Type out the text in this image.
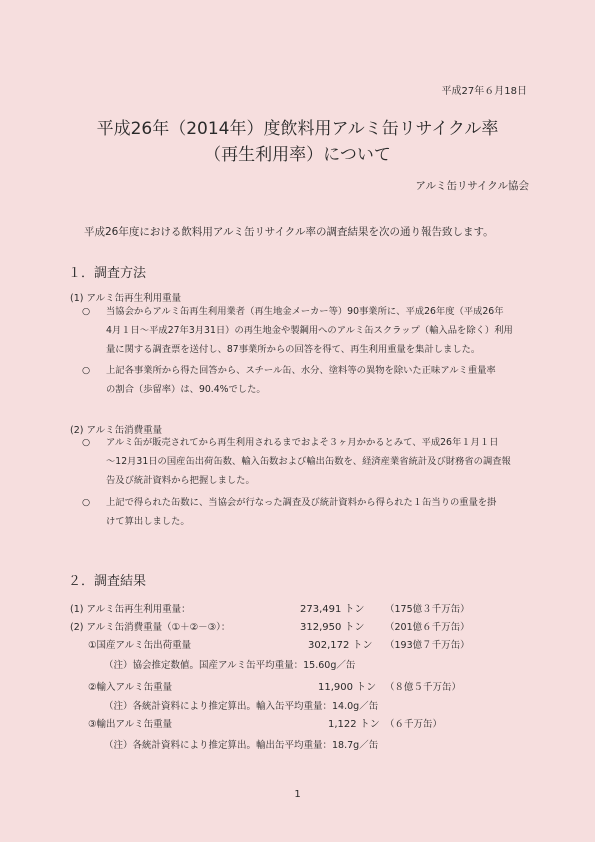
平成27年６月18日
平成26年（2014年）度飲料用アルミ缶リサイクル率
（再生利用率）について
アルミ缶リサイクル協会
平成26年度における飲料用アルミ缶リサイクル率の調査結果を次の通り報告致します。
１．調査方法
(1) アルミ缶再生利用重量
○ 当協会からアルミ缶再生利用業者（再生地金メーカー等）90事業所に、平成26年度（平成26年
4月１日～平成27年3月31日）の再生地金や製鋼用へのアルミ缶スクラップ（輸入品を除く）利用
量に関する調査票を送付し、87事業所からの回答を得て、再生利用重量を集計しました。
○ 上記各事業所から得た回答から、スチール缶、水分、塗料等の異物を除いた正味アルミ重量率
の割合（歩留率）は、90.4%でした。
(2) アルミ缶消費重量
○ アルミ缶が販売されてから再生利用されるまでおよそ３ヶ月かかるとみて、平成26年１月１日
～12月31日の国産缶出荷缶数、輸入缶数および輸出缶数を、経済産業省統計及び財務省の調査報
告及び統計資料から把握しました。
○ 上記で得られた缶数に、当協会が行なった調査及び統計資料から得られた１缶当りの重量を掛
けて算出しました。
２．調査結果
(1) アルミ缶再生利用重量：	273,491 トン （175億３千万缶）
(2) アルミ缶消費重量（①＋②－③）：	312,950 トン （201億６千万缶）
①国産アルミ缶出荷重量	302,172 トン （193億７千万缶）
（注）協会推定数値。国産アルミ缶平均重量：15.60g／缶
②輸入アルミ缶重量	11,900 トン （８億５千万缶）
（注）各統計資料により推定算出。輸入缶平均重量：14.0g／缶
③輸出アルミ缶重量	1,122 トン （６千万缶）
（注）各統計資料により推定算出。輸出缶平均重量：18.7g／缶
1
